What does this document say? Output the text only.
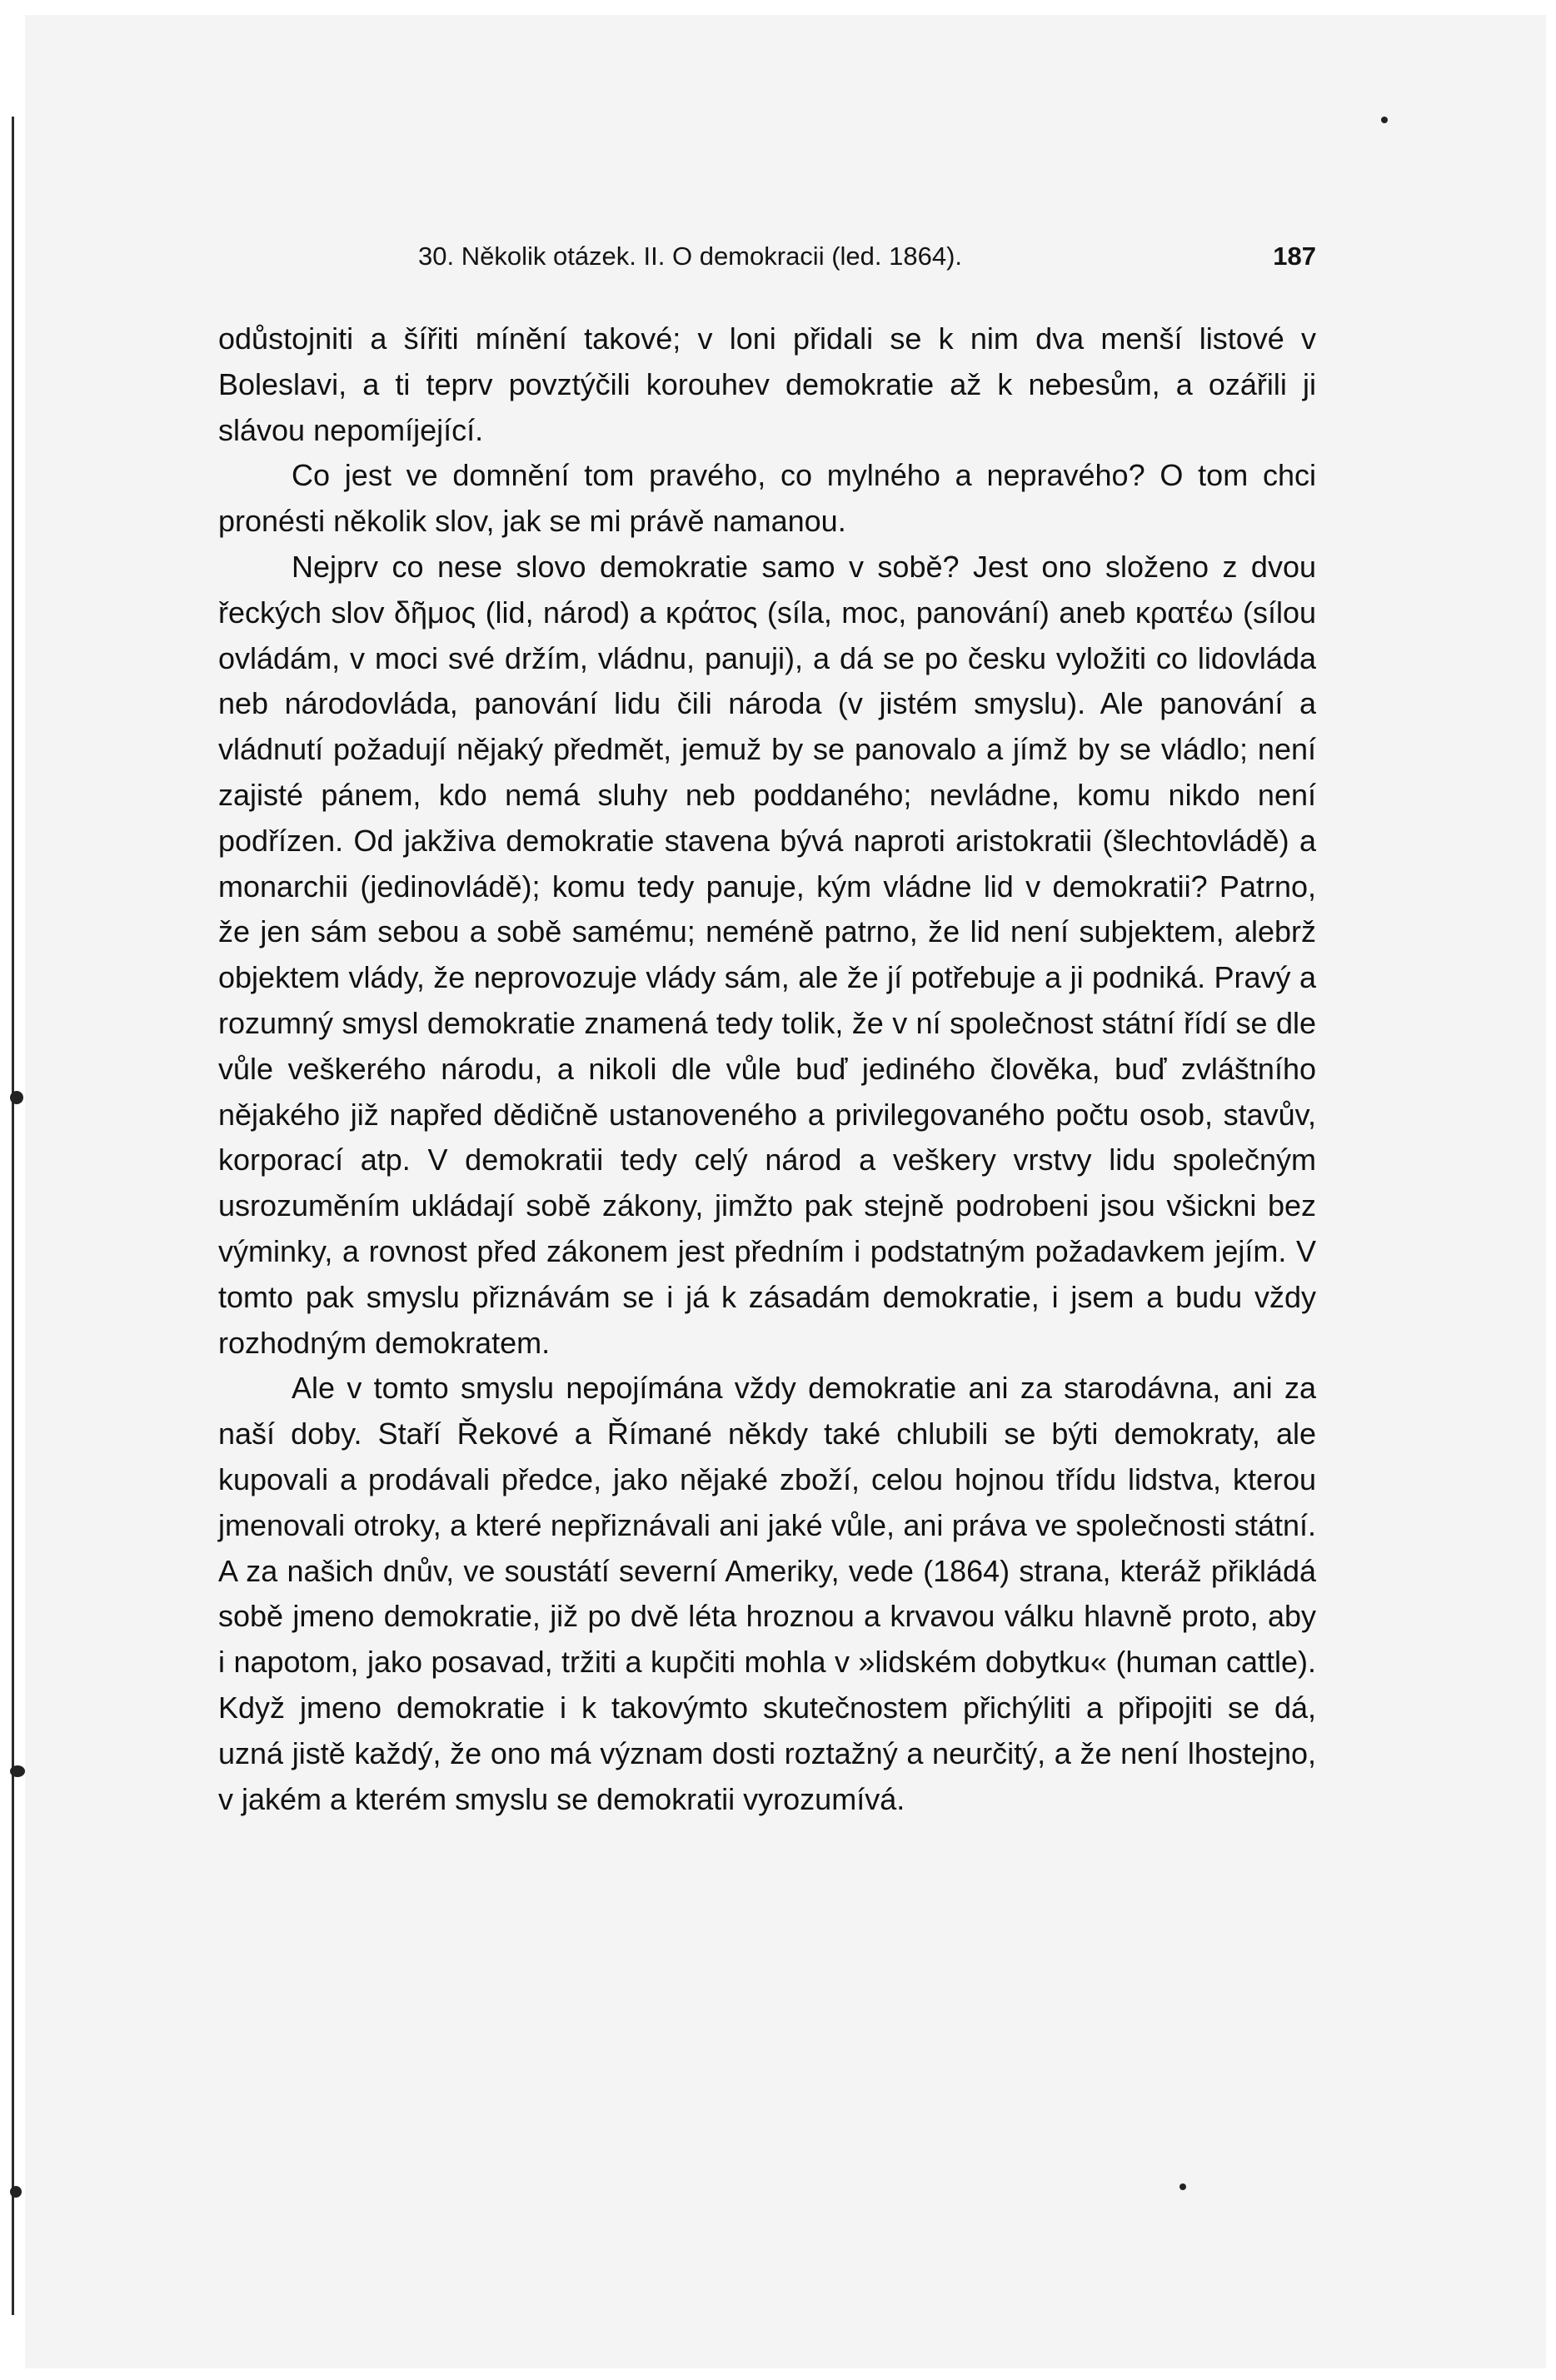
30. Několik otázek. II. O demokracii (led. 1864).	187

odůstojniti a šířiti mínění takové; v loni přidali se k nim dva menší listové v Boleslavi, a ti teprv povztýčili korouhev demokratie až k nebesům, a ozářili ji slávou nepomíjející.

Co jest ve domnění tom pravého, co mylného a nepravého? O tom chci pronésti několik slov, jak se mi právě namanou.

Nejprv co nese slovo demokratie samo v sobě? Jest ono složeno z dvou řeckých slov δῆμος (lid, národ) a κράτος (síla, moc, panování) aneb κρατέω (sílou ovládám, v moci své držím, vládnu, panuji), a dá se po česku vyložiti co lidovláda neb národovláda, panování lidu čili národa (v jistém smyslu). Ale panování a vládnutí požadují nějaký předmět, jemuž by se panovalo a jímž by se vládlo; není zajisté pánem, kdo nemá sluhy neb poddaného; nevládne, komu nikdo není podřízen. Od jakživa demokratie stavena bývá naproti aristokratii (šlechtovládě) a monarchii (jedinovládě); komu tedy panuje, kým vládne lid v demokratii? Patrno, že jen sám sebou a sobě samému; neméně patrno, že lid není subjektem, alebrž objektem vlády, že neprovozuje vlády sám, ale že jí potřebuje a ji podniká. Pravý a rozumný smysl demokratie znamená tedy tolik, že v ní společnost státní řídí se dle vůle veškerého národu, a nikoli dle vůle buď jediného člověka, buď zvláštního nějakého již napřed dědičně ustanoveného a privilegovaného počtu osob, stavův, korporací atp. V demokratii tedy celý národ a veškery vrstvy lidu společným usrozuměním ukládají sobě zákony, jimžto pak stejně podrobeni jsou všickni bez výminky, a rovnost před zákonem jest předním i podstatným požadavkem jejím. V tomto pak smyslu přiznávám se i já k zásadám demokratie, i jsem a budu vždy rozhodným demokratem.

Ale v tomto smyslu nepojímána vždy demokratie ani za starodávna, ani za naší doby. Staří Řekové a Římané někdy také chlubili se býti demokraty, ale kupovali a prodávali předce, jako nějaké zboží, celou hojnou třídu lidstva, kterou jmenovali otroky, a které nepřiznávali ani jaké vůle, ani práva ve společnosti státní. A za našich dnův, ve soustátí severní Ameriky, vede (1864) strana, kteráž přikládá sobě jmeno demokratie, již po dvě léta hroznou a krvavou válku hlavně proto, aby i napotom, jako posavad, tržiti a kupčiti mohla v »lidském dobytku« (human cattle). Když jmeno demokratie i k takovýmto skutečnostem přichýliti a připojiti se dá, uzná jistě každý, že ono má význam dosti roztažný a neurčitý, a že není lhostejno, v jakém a kterém smyslu se demokratii vyrozumívá.
